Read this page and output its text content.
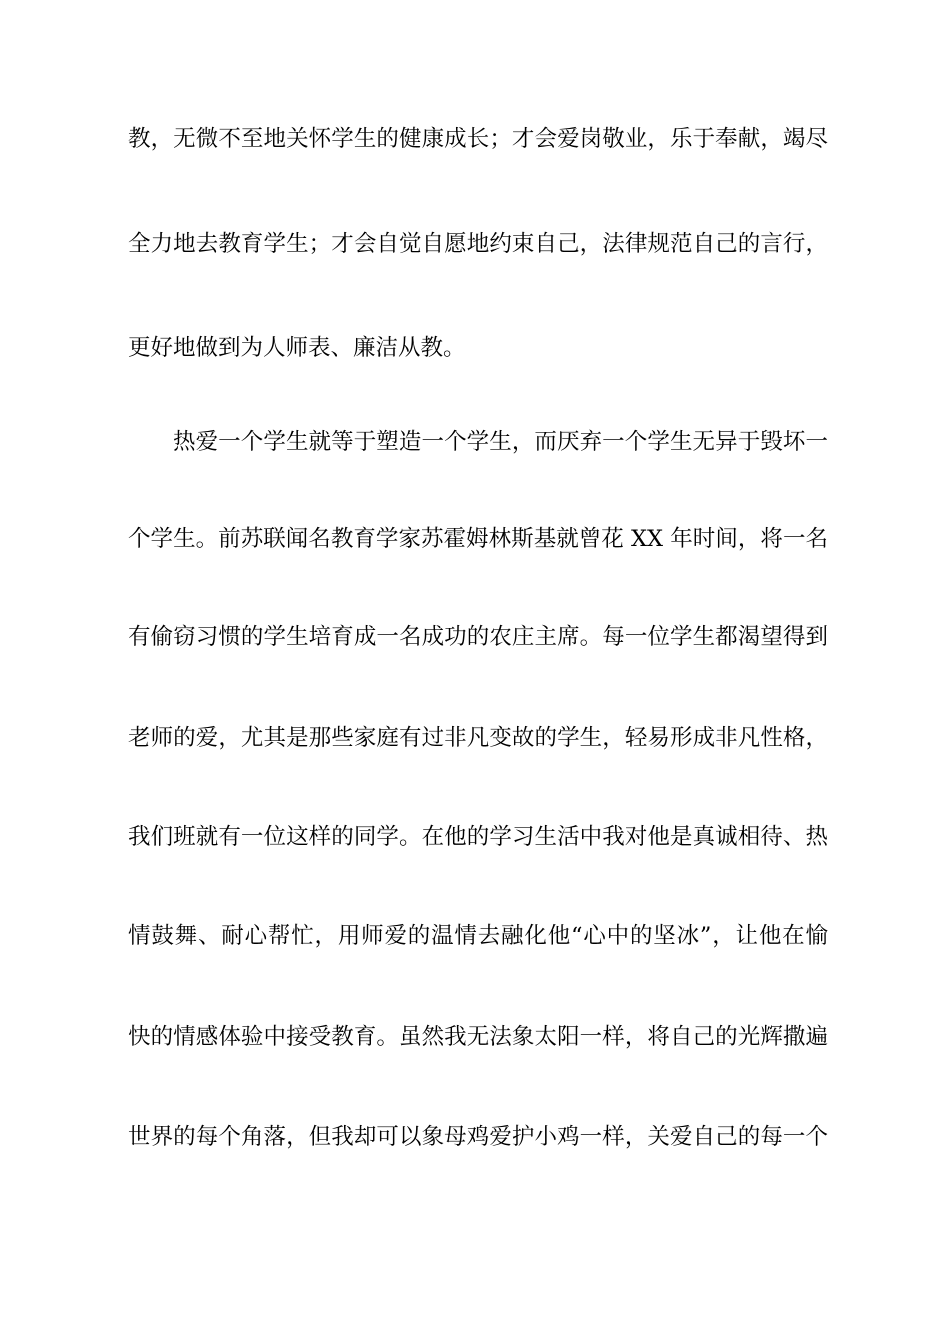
教，无微不至地关怀学生的健康成长；才会爱岗敬业，乐于奉献，竭尽
全力地去教育学生；才会自觉自愿地约束自己，法律规范自己的言行，
更好地做到为人师表、廉洁从教。
热爱一个学生就等于塑造一个学生，而厌弃一个学生无异于毁坏一
个学生。前苏联闻名教育学家苏霍姆林斯基就曾花 XX 年时间，将一名
有偷窃习惯的学生培育成一名成功的农庄主席。每一位学生都渴望得到
老师的爱，尤其是那些家庭有过非凡变故的学生，轻易形成非凡性格，
我们班就有一位这样的同学。在他的学习生活中我对他是真诚相待、热
情鼓舞、耐心帮忙，用师爱的温情去融化他“心中的坚冰”，让他在愉
快的情感体验中接受教育。虽然我无法象太阳一样，将自己的光辉撒遍
世界的每个角落，但我却可以象母鸡爱护小鸡一样，关爱自己的每一个
